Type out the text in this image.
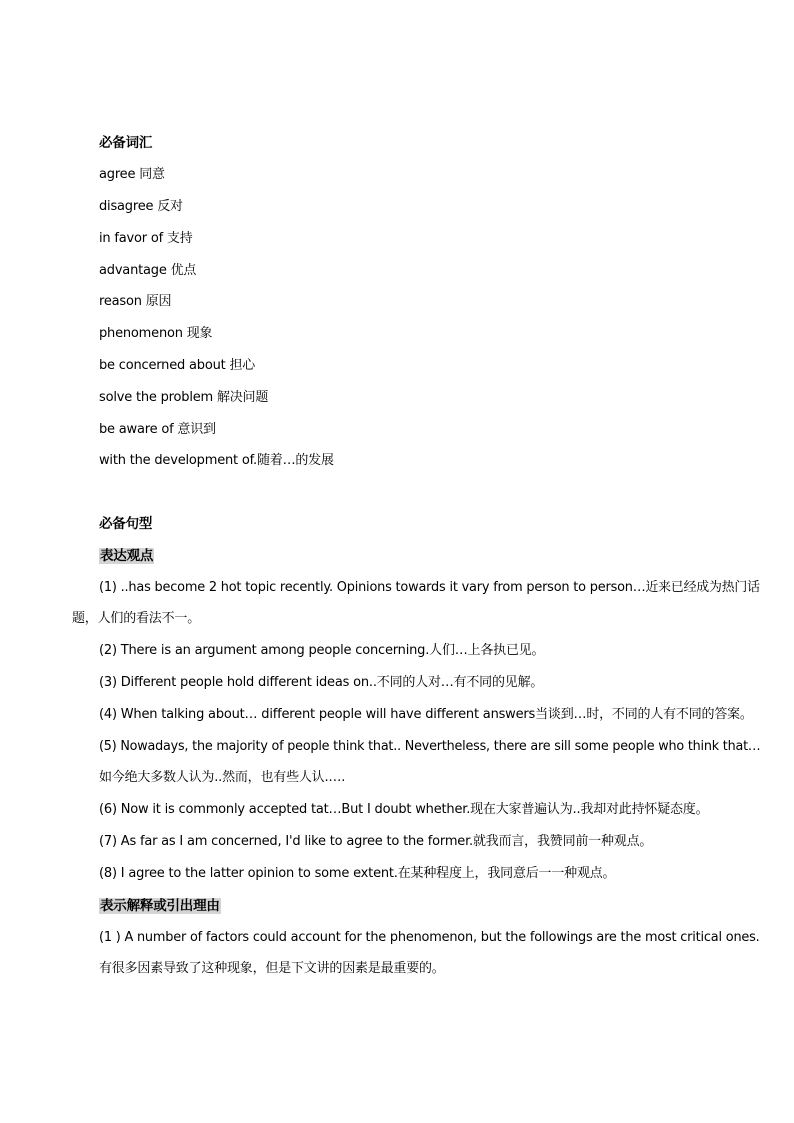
必备词汇
agree 同意
disagree 反对
in favor of 支持
advantage 优点
reason 原因
phenomenon 现象
be concerned about 担心
solve the problem 解决问题
be aware of 意识到
with the development of.随着…的发展
必备句型
表达观点
(1) ..has become 2 hot topic recently. Opinions towards it vary from person to person…近来已经成为热门话
题，人们的看法不一。
(2) There is an argument among people concerning.人们…上各执已见。
(3) Different people hold different ideas on..不同的人对…有不同的见解。
(4) When talking about… different people will have different answers当谈到…时，不同的人有不同的答案。
(5) Nowadays, the majority of people think that.. Nevertheless, there are sill some people who think that…
如今绝大多数人认为..然而，也有些人认.….
(6) Now it is commonly accepted tat…But I doubt whether.现在大家普遍认为..我却对此持怀疑态度。
(7) As far as I am concerned, I'd like to agree to the former.就我而言，我赞同前一种观点。
(8) I agree to the latter opinion to some extent.在某种程度上，我同意后一一种观点。
表示解释或引出理由
(1 ) A number of factors could account for the phenomenon, but the followings are the most critical ones.
有很多因素导致了这种现象，但是下文讲的因素是最重要的。
